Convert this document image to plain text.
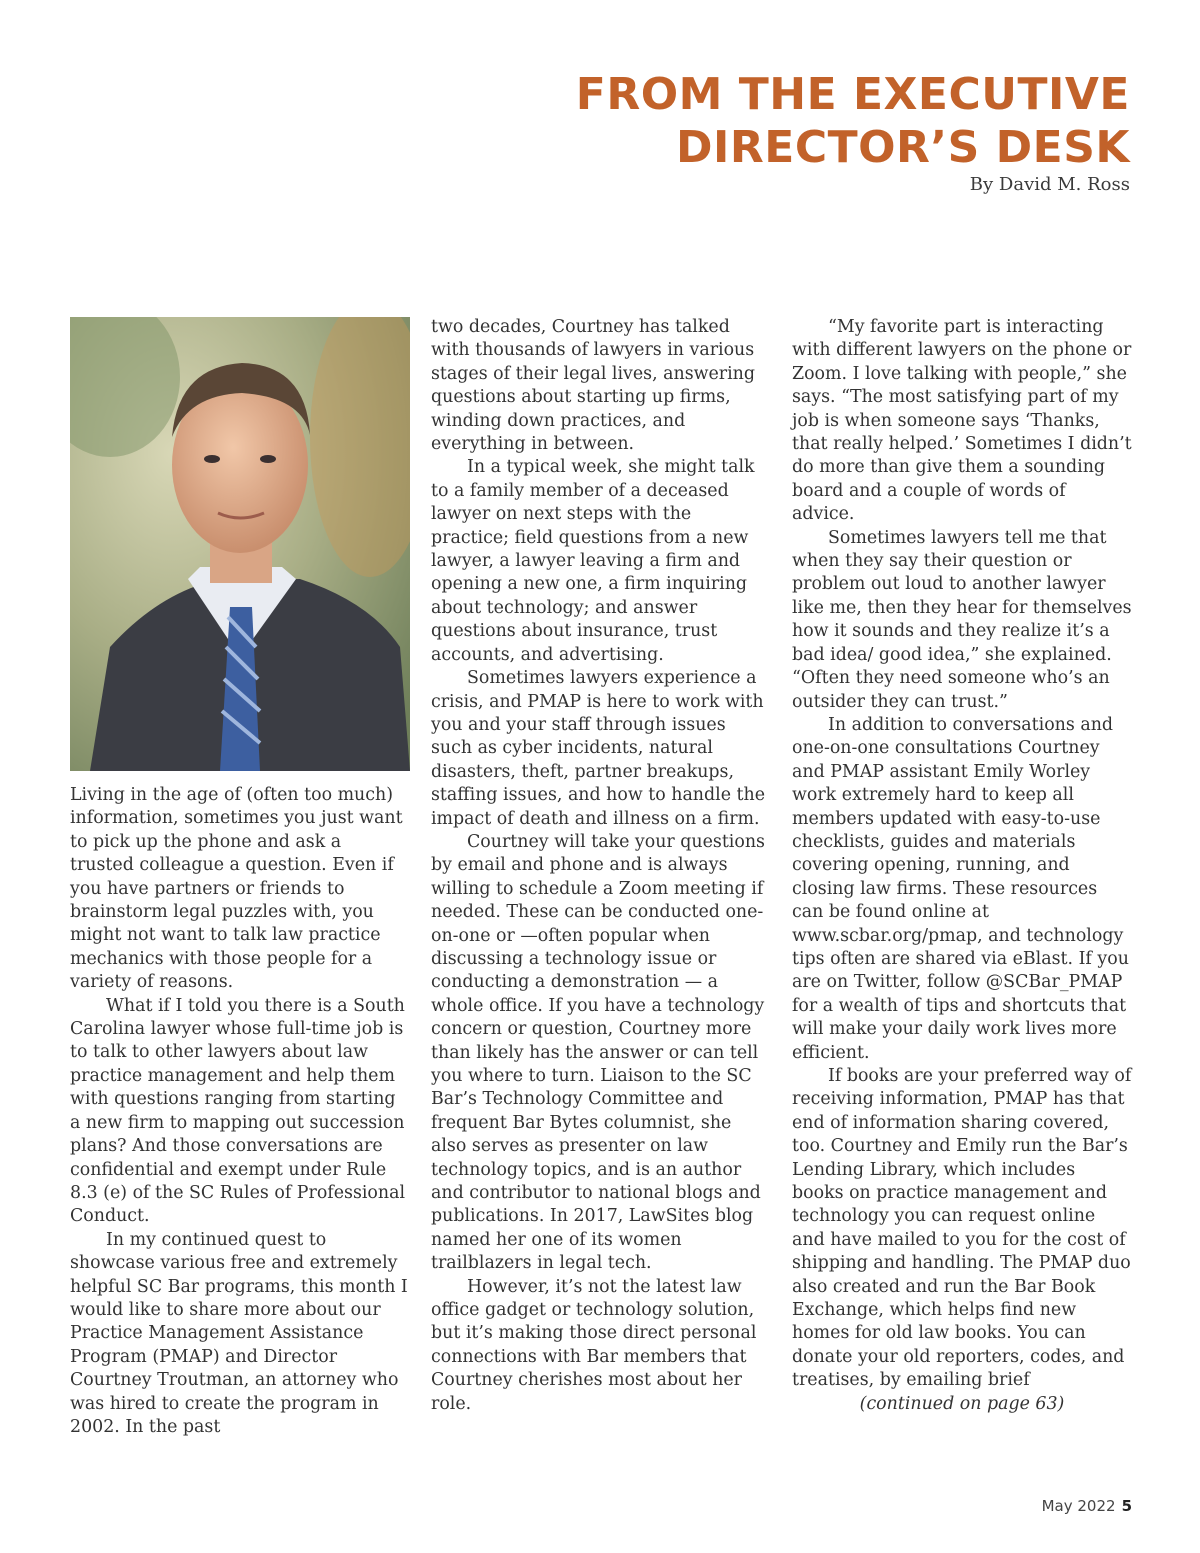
FROM THE EXECUTIVE
DIRECTOR’S DESK
By David M. Ross

Living in the age of (often too much) information, sometimes you just want to pick up the phone and ask a trusted colleague a question. Even if you have partners or friends to brainstorm legal puzzles with, you might not want to talk law practice mechanics with those people for a variety of reasons.

What if I told you there is a South Carolina lawyer whose full-time job is to talk to other lawyers about law practice management and help them with questions ranging from starting a new firm to mapping out succession plans? And those conversations are confidential and exempt under Rule 8.3 (e) of the SC Rules of Professional Conduct.

In my continued quest to showcase various free and extremely helpful SC Bar programs, this month I would like to share more about our Practice Management Assistance Program (PMAP) and Director Courtney Troutman, an attorney who was hired to create the program in 2002. In the past

two decades, Courtney has talked with thousands of lawyers in various stages of their legal lives, answering questions about starting up firms, winding down practices, and everything in between.

In a typical week, she might talk to a family member of a deceased lawyer on next steps with the practice; field questions from a new lawyer, a lawyer leaving a firm and opening a new one, a firm inquiring about technology; and answer questions about insurance, trust accounts, and advertising.

Sometimes lawyers experience a crisis, and PMAP is here to work with you and your staff through issues such as cyber incidents, natural disasters, theft, partner breakups, staffing issues, and how to handle the impact of death and illness on a firm.

Courtney will take your questions by email and phone and is always willing to schedule a Zoom meeting if needed. These can be conducted one-on-one or —often popular when discussing a technology issue or conducting a demonstration — a whole office. If you have a technology concern or question, Courtney more than likely has the answer or can tell you where to turn. Liaison to the SC Bar’s Technology Committee and frequent Bar Bytes columnist, she also serves as presenter on law technology topics, and is an author and contributor to national blogs and publications. In 2017, LawSites blog named her one of its women trailblazers in legal tech.

However, it’s not the latest law office gadget or technology solution, but it’s making those direct personal connections with Bar members that Courtney cherishes most about her role.

“My favorite part is interacting with different lawyers on the phone or Zoom. I love talking with people,” she says. “The most satisfying part of my job is when someone says ‘Thanks, that really helped.’ Sometimes I didn’t do more than give them a sounding board and a couple of words of advice.

Sometimes lawyers tell me that when they say their question or problem out loud to another lawyer like me, then they hear for themselves how it sounds and they realize it’s a bad idea/ good idea,” she explained. “Often they need someone who’s an outsider they can trust.”

In addition to conversations and one-on-one consultations Courtney and PMAP assistant Emily Worley work extremely hard to keep all members updated with easy-to-use checklists, guides and materials covering opening, running, and closing law firms. These resources can be found online at www.scbar.org/pmap, and technology tips often are shared via eBlast. If you are on Twitter, follow @SCBar_PMAP for a wealth of tips and shortcuts that will make your daily work lives more efficient.

If books are your preferred way of receiving information, PMAP has that end of information sharing covered, too. Courtney and Emily run the Bar’s Lending Library, which includes books on practice management and technology you can request online and have mailed to you for the cost of shipping and handling. The PMAP duo also created and run the Bar Book Exchange, which helps find new homes for old law books. You can donate your old reporters, codes, and treatises, by emailing brief

(continued on page 63)
May 2022 5
